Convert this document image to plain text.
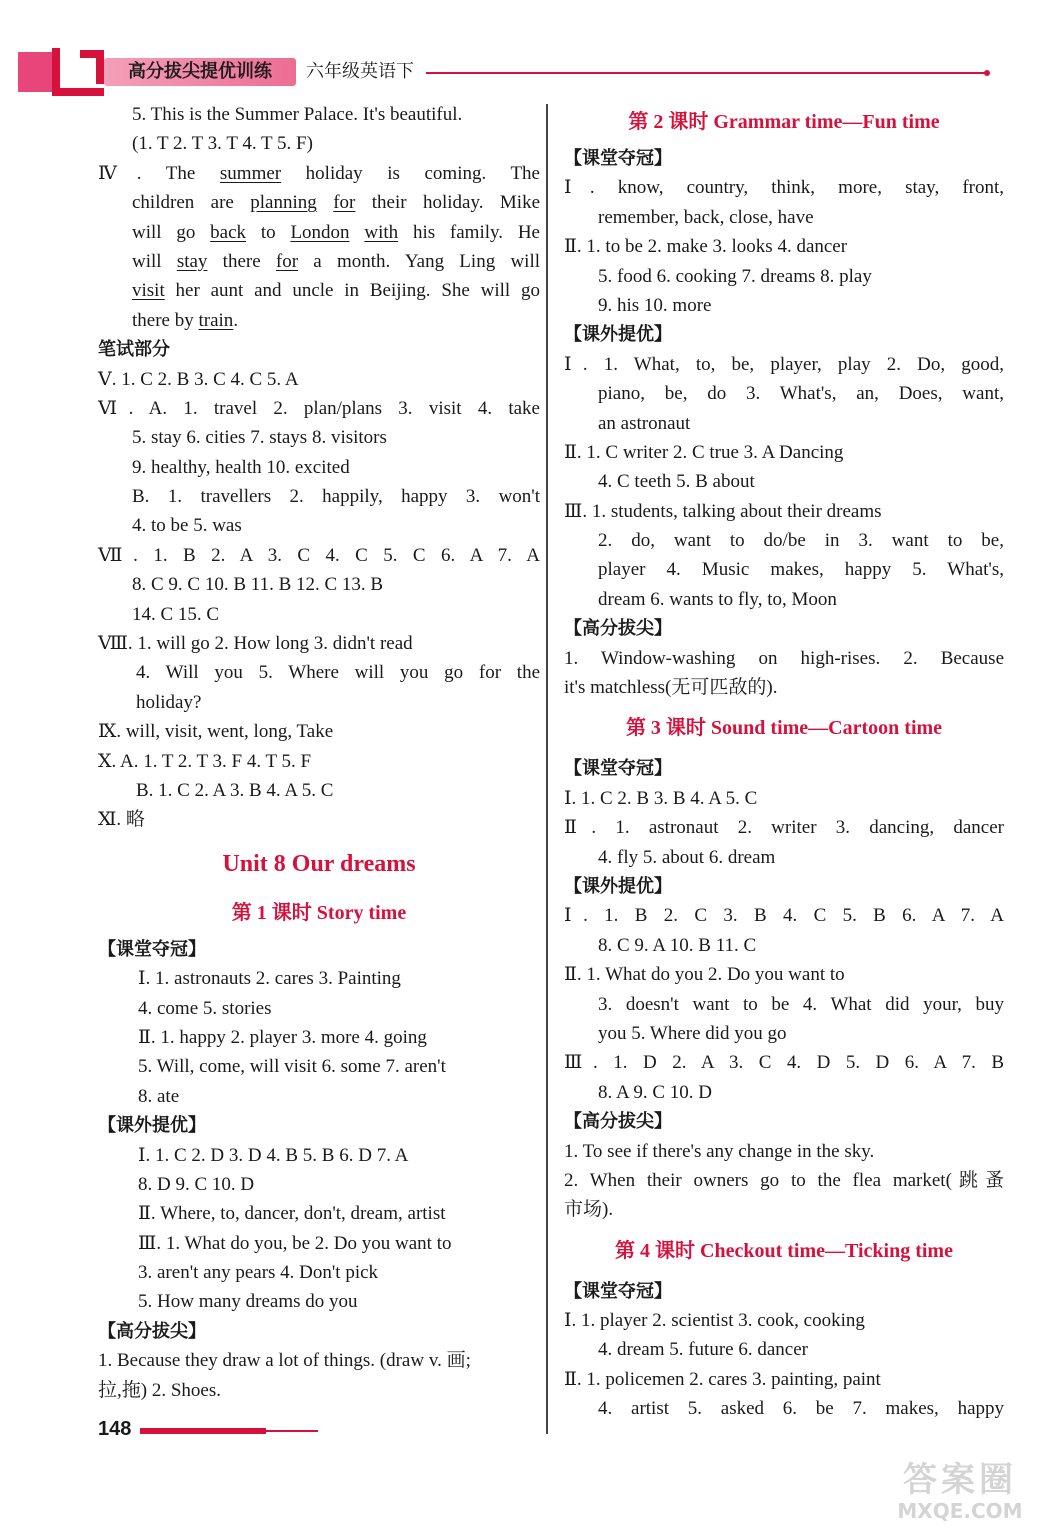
高分拔尖提优训练	六年级英语下
5. This is the Summer Palace. It's beautiful.
(1. T 2. T 3. T 4. T 5. F)
Ⅳ. The summer holiday is coming. The
children are planning for their holiday. Mike
will go back to London with his family. He
will stay there for a month. Yang Ling will
visit her aunt and uncle in Beijing. She will go
there by train.
笔试部分
Ⅴ. 1. C 2. B 3. C 4. C 5. A
Ⅵ. A. 1. travel 2. plan/plans 3. visit 4. take
5. stay 6. cities 7. stays 8. visitors
9. healthy, health 10. excited
B. 1. travellers 2. happily, happy 3. won't
4. to be 5. was
Ⅶ. 1. B 2. A 3. C 4. C 5. C 6. A 7. A
8. C 9. C 10. B 11. B 12. C 13. B
14. C 15. C
Ⅷ. 1. will go 2. How long 3. didn't read
4. Will you 5. Where will you go for the
holiday?
Ⅸ. will, visit, went, long, Take
Ⅹ. A. 1. T 2. T 3. F 4. T 5. F
B. 1. C 2. A 3. B 4. A 5. C
Ⅺ. 略
Unit 8 Our dreams
第 1 课时 Story time
【课堂夺冠】
Ⅰ. 1. astronauts 2. cares 3. Painting
4. come 5. stories
Ⅱ. 1. happy 2. player 3. more 4. going
5. Will, come, will visit 6. some 7. aren't
8. ate
【课外提优】
Ⅰ. 1. C 2. D 3. D 4. B 5. B 6. D 7. A
8. D 9. C 10. D
Ⅱ. Where, to, dancer, don't, dream, artist
Ⅲ. 1. What do you, be 2. Do you want to
3. aren't any pears 4. Don't pick
5. How many dreams do you
【高分拔尖】
1. Because they draw a lot of things. (draw v. 画;
拉,拖) 2. Shoes.
第 2 课时 Grammar time—Fun time
【课堂夺冠】
Ⅰ. know, country, think, more, stay, front,
remember, back, close, have
Ⅱ. 1. to be 2. make 3. looks 4. dancer
5. food 6. cooking 7. dreams 8. play
9. his 10. more
【课外提优】
Ⅰ. 1. What, to, be, player, play 2. Do, good,
piano, be, do 3. What's, an, Does, want,
an astronaut
Ⅱ. 1. C writer 2. C true 3. A Dancing
4. C teeth 5. B about
Ⅲ. 1. students, talking about their dreams
2. do, want to do/be in 3. want to be,
player 4. Music makes, happy 5. What's,
dream 6. wants to fly, to, Moon
【高分拔尖】
1. Window-washing on high-rises. 2. Because
it's matchless(无可匹敌的).
第 3 课时 Sound time—Cartoon time
【课堂夺冠】
Ⅰ. 1. C 2. B 3. B 4. A 5. C
Ⅱ. 1. astronaut 2. writer 3. dancing, dancer
4. fly 5. about 6. dream
【课外提优】
Ⅰ. 1. B 2. C 3. B 4. C 5. B 6. A 7. A
8. C 9. A 10. B 11. C
Ⅱ. 1. What do you 2. Do you want to
3. doesn't want to be 4. What did your, buy
you 5. Where did you go
Ⅲ. 1. D 2. A 3. C 4. D 5. D 6. A 7. B
8. A 9. C 10. D
【高分拔尖】
1. To see if there's any change in the sky.
2. When their owners go to the flea market(跳蚤
市场).
第 4 课时 Checkout time—Ticking time
【课堂夺冠】
Ⅰ. 1. player 2. scientist 3. cook, cooking
4. dream 5. future 6. dancer
Ⅱ. 1. policemen 2. cares 3. painting, paint
4. artist 5. asked 6. be 7. makes, happy
148
答案圈
MXQE.COM
